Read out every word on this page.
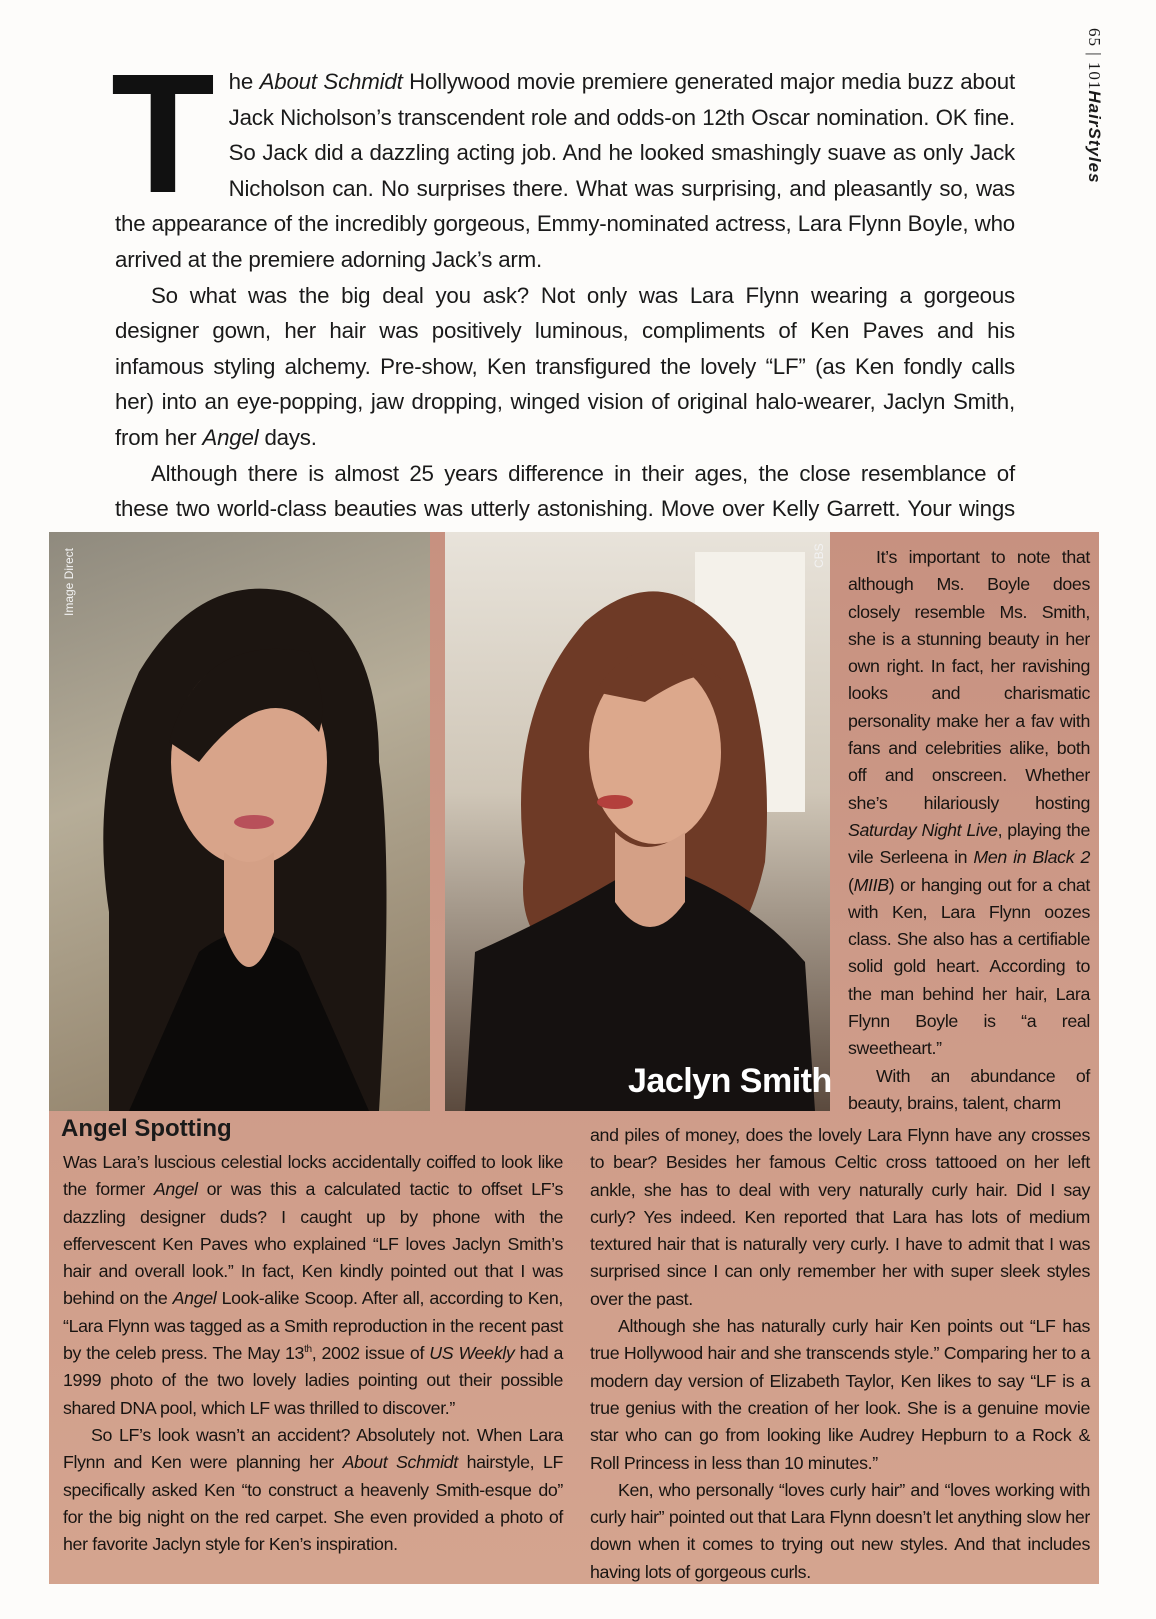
65 | 101HairStyles

The About Schmidt Hollywood movie premiere generated major media buzz about Jack Nicholson’s transcendent role and odds-on 12th Oscar nomination. OK fine. So Jack did a dazzling acting job. And he looked smashingly suave as only Jack Nicholson can. No surprises there. What was surprising, and pleasantly so, was the appearance of the incredibly gorgeous, Emmy-nominated actress, Lara Flynn Boyle, who arrived at the premiere adorning Jack’s arm.

So what was the big deal you ask? Not only was Lara Flynn wearing a gorgeous designer gown, her hair was positively luminous, compliments of Ken Paves and his infamous styling alchemy. Pre-show, Ken transfigured the lovely “LF” (as Ken fondly calls her) into an eye-popping, jaw dropping, winged vision of original halo-wearer, Jaclyn Smith, from her Angel days.

Although there is almost 25 years difference in their ages, the close resemblance of these two world-class beauties was utterly astonishing. Move over Kelly Garrett. Your wings

Image Direct	CBS
Jaclyn Smith

It’s important to note that although Ms. Boyle does closely resemble Ms. Smith, she is a stunning beauty in her own right. In fact, her ravishing looks and charismatic personality make her a fav with fans and celebrities alike, both off and onscreen. Whether she’s hilariously hosting Saturday Night Live, playing the vile Serleena in Men in Black 2 (MIIB) or hanging out for a chat with Ken, Lara Flynn oozes class. She also has a certifiable solid gold heart. According to the man behind her hair, Lara Flynn Boyle is “a real sweetheart.”

With an abundance of beauty, brains, talent, charm

Angel Spotting

Was Lara’s luscious celestial locks accidentally coiffed to look like the former Angel or was this a calculated tactic to offset LF’s dazzling designer duds? I caught up by phone with the effervescent Ken Paves who explained “LF loves Jaclyn Smith’s hair and overall look.” In fact, Ken kindly pointed out that I was behind on the Angel Look-alike Scoop. After all, according to Ken, “Lara Flynn was tagged as a Smith reproduction in the recent past by the celeb press. The May 13th, 2002 issue of US Weekly had a 1999 photo of the two lovely ladies pointing out their possible shared DNA pool, which LF was thrilled to discover.”

So LF’s look wasn’t an accident? Absolutely not. When Lara Flynn and Ken were planning her About Schmidt hairstyle, LF specifically asked Ken “to construct a heavenly Smith-esque do” for the big night on the red carpet. She even provided a photo of her favorite Jaclyn style for Ken’s inspiration.

and piles of money, does the lovely Lara Flynn have any crosses to bear? Besides her famous Celtic cross tattooed on her left ankle, she has to deal with very naturally curly hair. Did I say curly? Yes indeed. Ken reported that Lara has lots of medium textured hair that is naturally very curly. I have to admit that I was surprised since I can only remember her with super sleek styles over the past.

Although she has naturally curly hair Ken points out “LF has true Hollywood hair and she transcends style.” Comparing her to a modern day version of Elizabeth Taylor, Ken likes to say “LF is a true genius with the creation of her look. She is a genuine movie star who can go from looking like Audrey Hepburn to a Rock & Roll Princess in less than 10 minutes.”

Ken, who personally “loves curly hair” and “loves working with curly hair” pointed out that Lara Flynn doesn’t let anything slow her down when it comes to trying out new styles. And that includes having lots of gorgeous curls.
